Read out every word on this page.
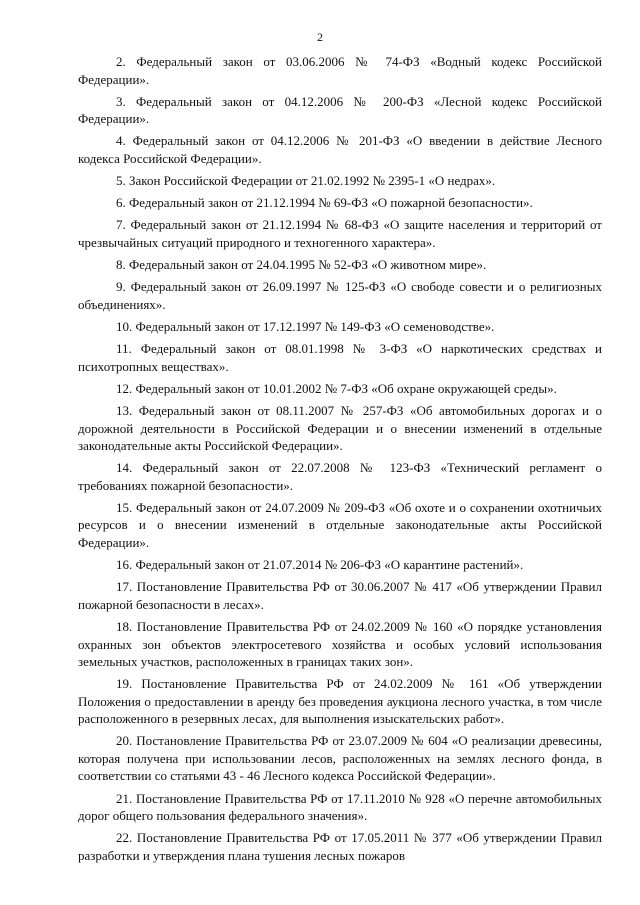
2

2. Федеральный закон от 03.06.2006 № 74-ФЗ «Водный кодекс Российской Федерации».

3. Федеральный закон от 04.12.2006 № 200-ФЗ «Лесной кодекс Российской Федерации».

4. Федеральный закон от 04.12.2006 № 201-ФЗ «О введении в действие Лесного кодекса Российской Федерации».

5. Закон Российской Федерации от 21.02.1992 № 2395-1 «О недрах».

6. Федеральный закон от 21.12.1994 № 69-ФЗ «О пожарной безопасности».

7. Федеральный закон от 21.12.1994 № 68-ФЗ «О защите населения и территорий от чрезвычайных ситуаций природного и техногенного характера».

8. Федеральный закон от 24.04.1995 № 52-ФЗ «О животном мире».

9. Федеральный закон от 26.09.1997 № 125-ФЗ «О свободе совести и о религиозных объединениях».

10. Федеральный закон от 17.12.1997 № 149-ФЗ «О семеноводстве».

11. Федеральный закон от 08.01.1998 № 3-ФЗ «О наркотических средствах и психотропных веществах».

12. Федеральный закон от 10.01.2002 № 7-ФЗ «Об охране окружающей среды».

13. Федеральный закон от 08.11.2007 № 257-ФЗ «Об автомобильных дорогах и о дорожной деятельности в Российской Федерации и о внесении изменений в отдельные законодательные акты Российской Федерации».

14. Федеральный закон от 22.07.2008 № 123-ФЗ «Технический регламент о требованиях пожарной безопасности».

15. Федеральный закон от 24.07.2009 № 209-ФЗ «Об охоте и о сохранении охотничьих ресурсов и о внесении изменений в отдельные законодательные акты Российской Федерации».

16. Федеральный закон от 21.07.2014 № 206-ФЗ «О карантине растений».

17. Постановление Правительства РФ от 30.06.2007 № 417 «Об утверждении Правил пожарной безопасности в лесах».

18. Постановление Правительства РФ от 24.02.2009 № 160 «О порядке установления охранных зон объектов электросетевого хозяйства и особых условий использования земельных участков, расположенных в границах таких зон».

19. Постановление Правительства РФ от 24.02.2009 № 161 «Об утверждении Положения о предоставлении в аренду без проведения аукциона лесного участка, в том числе расположенного в резервных лесах, для выполнения изыскательских работ».

20. Постановление Правительства РФ от 23.07.2009 № 604 «О реализации древесины, которая получена при использовании лесов, расположенных на землях лесного фонда, в соответствии со статьями 43 - 46 Лесного кодекса Российской Федерации».

21. Постановление Правительства РФ от 17.11.2010 № 928 «О перечне автомобильных дорог общего пользования федерального значения».

22. Постановление Правительства РФ от 17.05.2011 № 377 «Об утверждении Правил разработки и утверждения плана тушения лесных пожаров
